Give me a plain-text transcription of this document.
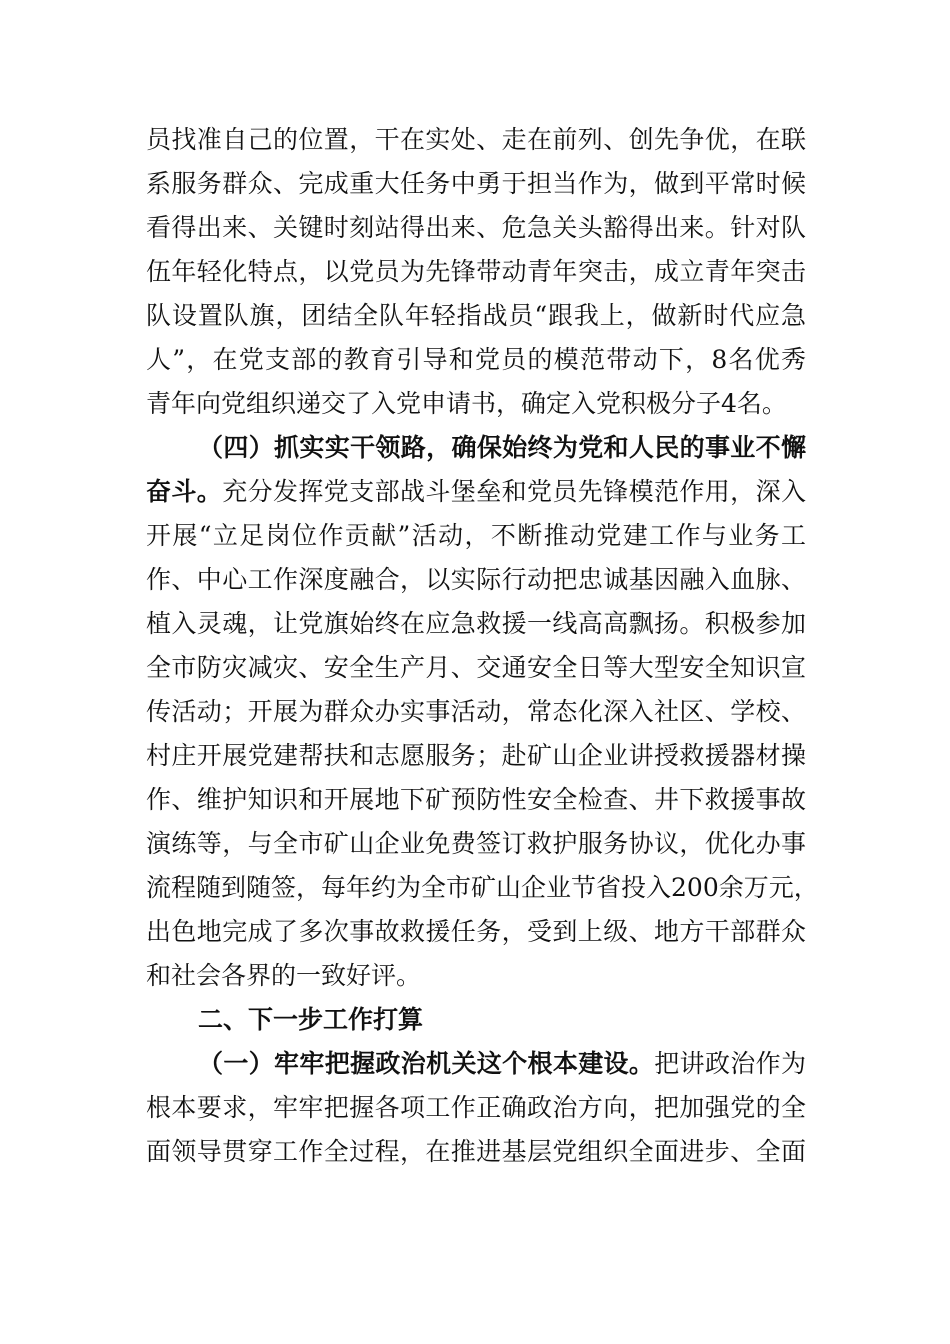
员找准自己的位置，干在实处、走在前列、创先争优，在联
系服务群众、完成重大任务中勇于担当作为，做到平常时候
看得出来、关键时刻站得出来、危急关头豁得出来。针对队
伍年轻化特点，以党员为先锋带动青年突击，成立青年突击
队设置队旗，团结全队年轻指战员“跟我上，做新时代应急
人”，在党支部的教育引导和党员的模范带动下，8名优秀
青年向党组织递交了入党申请书，确定入党积极分子4名。
（四）抓实实干领路，确保始终为党和人民的事业不懈
奋斗。充分发挥党支部战斗堡垒和党员先锋模范作用，深入
开展“立足岗位作贡献”活动，不断推动党建工作与业务工
作、中心工作深度融合，以实际行动把忠诚基因融入血脉、
植入灵魂，让党旗始终在应急救援一线高高飘扬。积极参加
全市防灾减灾、安全生产月、交通安全日等大型安全知识宣
传活动；开展为群众办实事活动，常态化深入社区、学校、
村庄开展党建帮扶和志愿服务；赴矿山企业讲授救援器材操
作、维护知识和开展地下矿预防性安全检查、井下救援事故
演练等，与全市矿山企业免费签订救护服务协议，优化办事
流程随到随签，每年约为全市矿山企业节省投入200余万元，
出色地完成了多次事故救援任务，受到上级、地方干部群众
和社会各界的一致好评。
二、下一步工作打算
（一）牢牢把握政治机关这个根本建设。把讲政治作为
根本要求，牢牢把握各项工作正确政治方向，把加强党的全
面领导贯穿工作全过程，在推进基层党组织全面进步、全面
